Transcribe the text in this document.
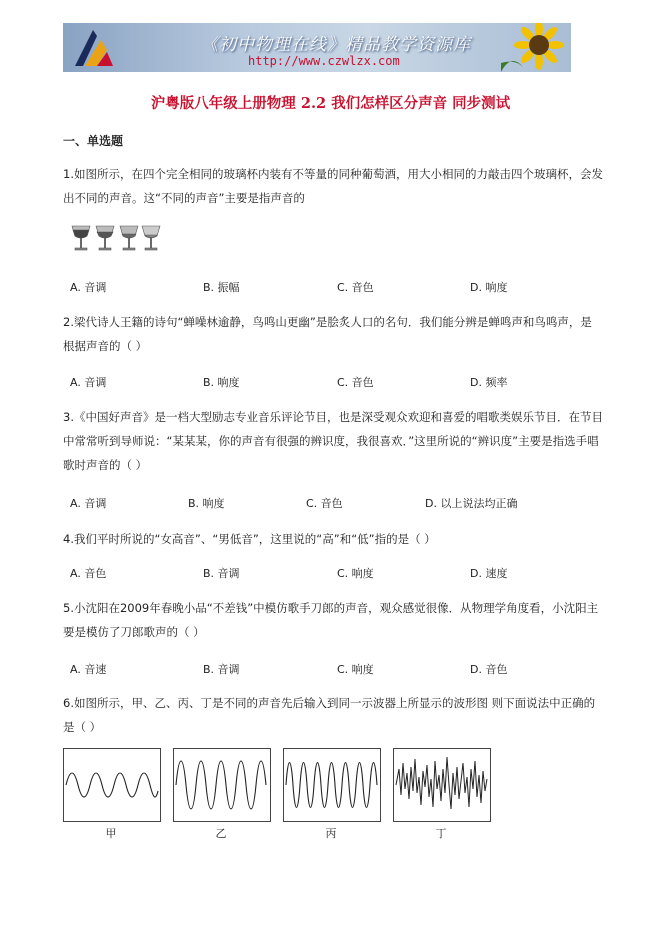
《初中物理在线》精品教学资源库
http://www.czwlzx.com
沪粤版八年级上册物理 2.2 我们怎样区分声音 同步测试
一、单选题
1.如图所示，在四个完全相同的玻璃杯内装有不等量的同种葡萄酒，用大小相同的力敲击四个玻璃杯，会发出不同的声音。这“不同的声音”主要是指声音的
A. 音调	B. 振幅	C. 音色	D. 响度
2.梁代诗人王籍的诗句“蝉噪林逾静，鸟鸣山更幽”是脍炙人口的名句．我们能分辨是蝉鸣声和鸟鸣声，是根据声音的（ ）
A. 音调	B. 响度	C. 音色	D. 频率
3.《中国好声音》是一档大型励志专业音乐评论节目，也是深受观众欢迎和喜爱的唱歌类娱乐节目．在节目中常常听到导师说：“某某某，你的声音有很强的辨识度，我很喜欢．”这里所说的“辨识度”主要是指选手唱歌时声音的（ ）
A. 音调	B. 响度	C. 音色	D. 以上说法均正确
4.我们平时所说的“女高音”、“男低音”，这里说的“高”和“低”指的是（ ）
A. 音色	B. 音调	C. 响度	D. 速度
5.小沈阳在2009年春晚小品“不差钱”中模仿歌手刀郎的声音，观众感觉很像．从物理学角度看，小沈阳主要是模仿了刀郎歌声的（ ）
A. 音速	B. 音调	C. 响度	D. 音色
6.如图所示，甲、乙、丙、丁是不同的声音先后输入到同一示波器上所显示的波形图 则下面说法中正确的是（ ）
甲	乙	丙	丁
